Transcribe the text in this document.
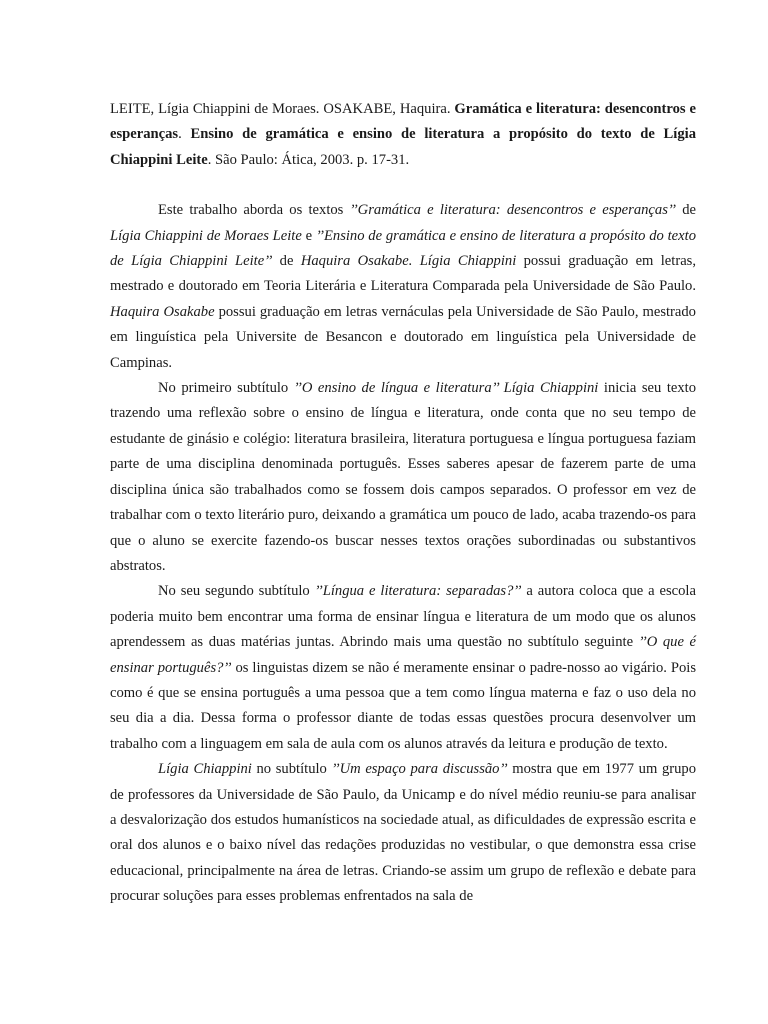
LEITE, Lígia Chiappini de Moraes. OSAKABE, Haquira. Gramática e literatura: desencontros e esperanças. Ensino de gramática e ensino de literatura a propósito do texto de Lígia Chiappini Leite. São Paulo: Ática, 2003. p. 17-31.

Este trabalho aborda os textos ’’Gramática e literatura: desencontros e esperanças’’ de Lígia Chiappini de Moraes Leite e ’’Ensino de gramática e ensino de literatura a propósito do texto de Lígia Chiappini Leite’’ de Haquira Osakabe. Lígia Chiappini possui graduação em letras, mestrado e doutorado em Teoria Literária e Literatura Comparada pela Universidade de São Paulo. Haquira Osakabe possui graduação em letras vernáculas pela Universidade de São Paulo, mestrado em linguística pela Universite de Besancon e doutorado em linguística pela Universidade de Campinas.

No primeiro subtítulo ’’O ensino de língua e literatura’’ Lígia Chiappini inicia seu texto trazendo uma reflexão sobre o ensino de língua e literatura, onde conta que no seu tempo de estudante de ginásio e colégio: literatura brasileira, literatura portuguesa e língua portuguesa faziam parte de uma disciplina denominada português. Esses saberes apesar de fazerem parte de uma disciplina única são trabalhados como se fossem dois campos separados. O professor em vez de trabalhar com o texto literário puro, deixando a gramática um pouco de lado, acaba trazendo-os para que o aluno se exercite fazendo-os buscar nesses textos orações subordinadas ou substantivos abstratos.

No seu segundo subtítulo ’’Língua e literatura: separadas?’’ a autora coloca que a escola poderia muito bem encontrar uma forma de ensinar língua e literatura de um modo que os alunos aprendessem as duas matérias juntas. Abrindo mais uma questão no subtítulo seguinte ’’O que é ensinar português?’’ os linguistas dizem se não é meramente ensinar o padre-nosso ao vigário. Pois como é que se ensina português a uma pessoa que a tem como língua materna e faz o uso dela no seu dia a dia. Dessa forma o professor diante de todas essas questões procura desenvolver um trabalho com a linguagem em sala de aula com os alunos através da leitura e produção de texto.

Lígia Chiappini no subtítulo ’’Um espaço para discussão’’ mostra que em 1977 um grupo de professores da Universidade de São Paulo, da Unicamp e do nível médio reuniu-se para analisar a desvalorização dos estudos humanísticos na sociedade atual, as dificuldades de expressão escrita e oral dos alunos e o baixo nível das redações produzidas no vestibular, o que demonstra essa crise educacional, principalmente na área de letras. Criando-se assim um grupo de reflexão e debate para procurar soluções para esses problemas enfrentados na sala de
